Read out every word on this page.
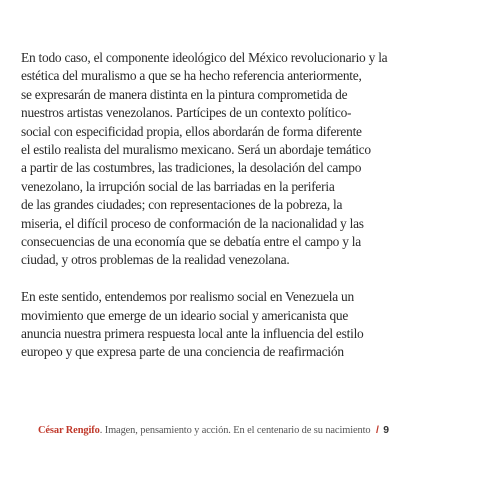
En todo caso, el componente ideológico del México revolucionario y la
estética del muralismo a que se ha hecho referencia anteriormente,
se expresarán de manera distinta en la pintura comprometida de
nuestros artistas venezolanos. Partícipes de un contexto político-
social con especificidad propia, ellos abordarán de forma diferente
el estilo realista del muralismo mexicano. Será un abordaje temático
a partir de las costumbres, las tradiciones, la desolación del campo
venezolano, la irrupción social de las barriadas en la periferia
de las grandes ciudades; con representaciones de la pobreza, la
miseria, el difícil proceso de conformación de la nacionalidad y las
consecuencias de una economía que se debatía entre el campo y la
ciudad, y otros problemas de la realidad venezolana.
En este sentido, entendemos por realismo social en Venezuela un
movimiento que emerge de un ideario social y americanista que
anuncia nuestra primera respuesta local ante la influencia del estilo
europeo y que expresa parte de una conciencia de reafirmación
César Rengifo. Imagen, pensamiento y acción. En el centenario de su nacimiento / 9
